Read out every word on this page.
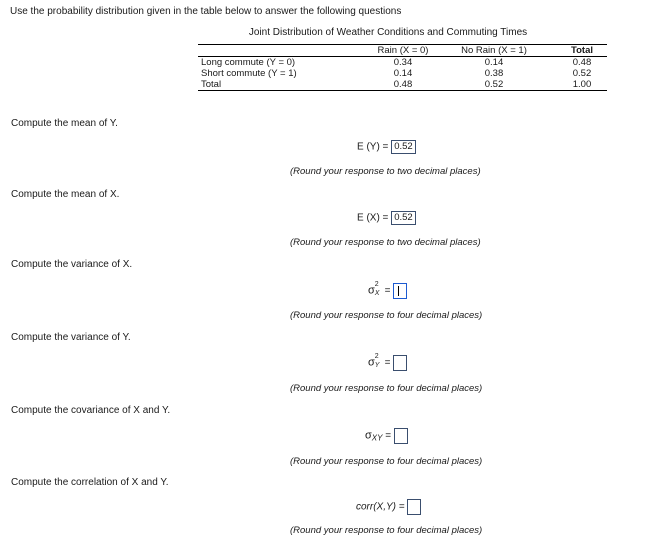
Use the probability distribution given in the table below to answer the following questions
Joint Distribution of Weather Conditions and Commuting Times
	Rain (X = 0)	No Rain (X = 1)	Total
Long commute (Y = 0)	0.34	0.14	0.48
Short commute (Y = 1)	0.14	0.38	0.52
Total	0.48	0.52	1.00
Compute the mean of Y.
E (Y) = 0.52
(Round your response to two decimal places)
Compute the mean of X.
E (X) = 0.52
(Round your response to two decimal places)
Compute the variance of X.
σ
2
X =
(Round your response to four decimal places)
Compute the variance of Y.
σ
2
Y =
(Round your response to four decimal places)
Compute the covariance of X and Y.
$\sigma_{XY}$ =
(Round your response to four decimal places)
Compute the correlation of X and Y.
corr(X,Y) =
(Round your response to four decimal places)
